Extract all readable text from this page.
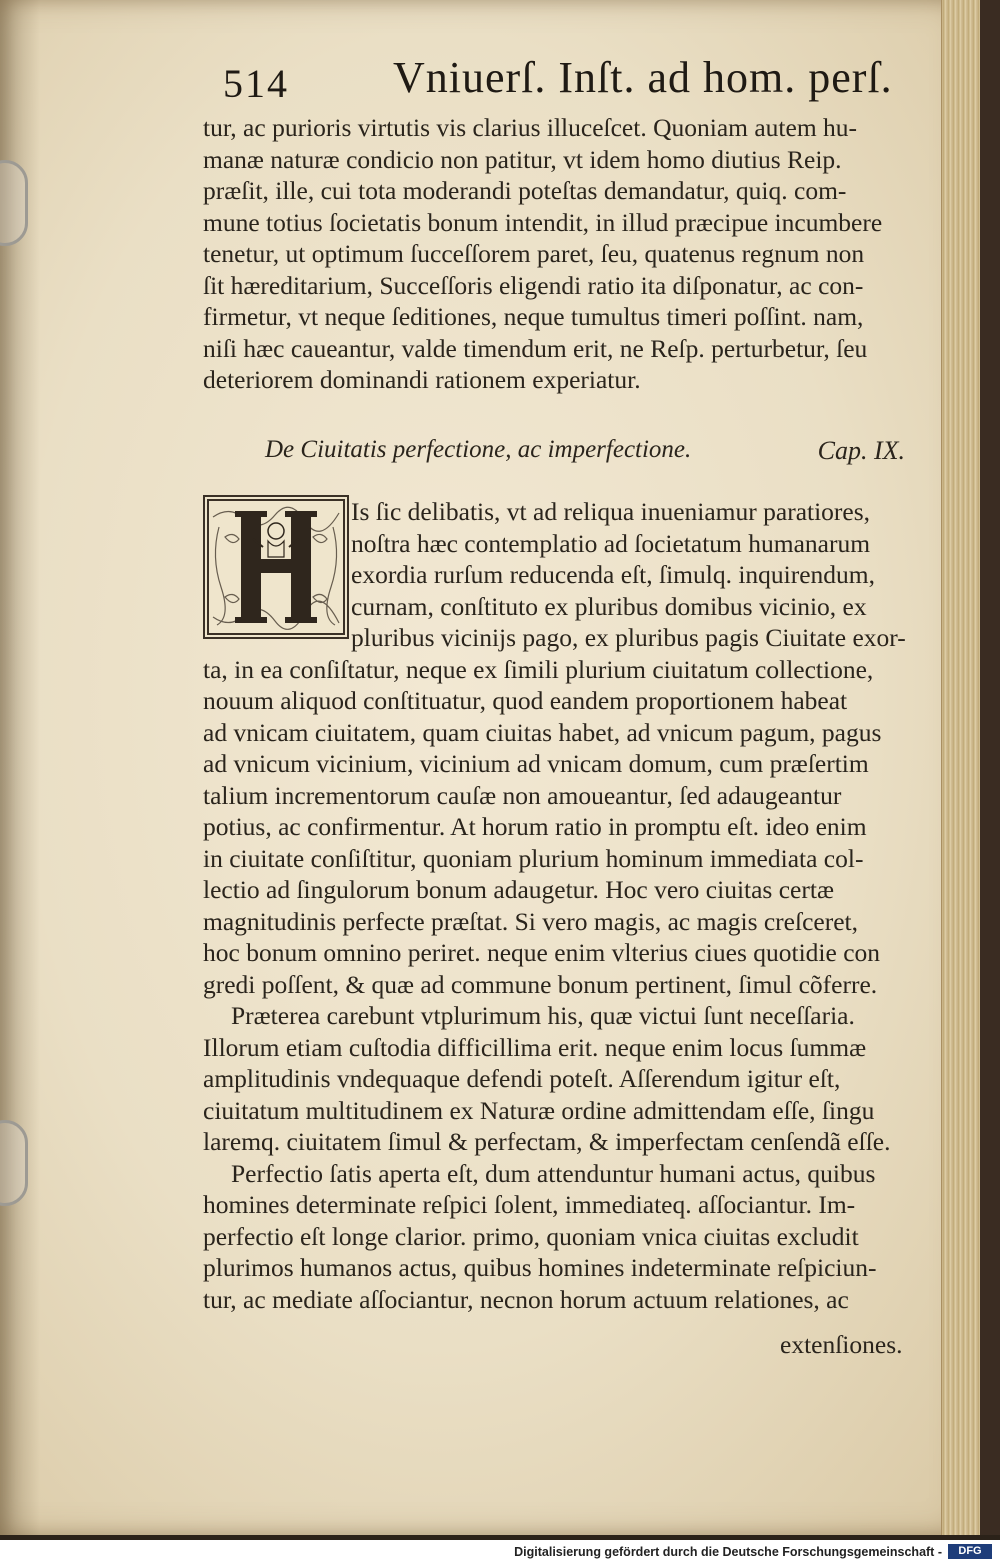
514 Vniuerſ. Inſt. ad hom. perſ.
tur, ac purioris virtutis vis clarius illuceſcet. Quoniam autem hu-
manæ naturæ condicio non patitur, vt idem homo diutius Reip.
præſit, ille, cui tota moderandi poteſtas demandatur, quiq. com-
mune totius ſocietatis bonum intendit, in illud præcipue incumbere
tenetur, ut optimum ſucceſſorem paret, ſeu, quatenus regnum non
ſit hæreditarium, Succeſſoris eligendi ratio ita diſponatur, ac con-
firmetur, vt neque ſeditiones, neque tumultus timeri poſſint. nam,
niſi hæc caueantur, valde timendum erit, ne Reſp. perturbetur, ſeu
deteriorem dominandi rationem experiatur.
De Ciuitatis perfectione, ac imperfectione.	Cap. IX.
Is ſic delibatis, vt ad reliqua inueniamur paratiores,
noſtra hæc contemplatio ad ſocietatum humanarum
exordia rurſum reducenda eſt, ſimulq. inquirendum,
curnam, conſtituto ex pluribus domibus vicinio, ex
pluribus vicinijs pago, ex pluribus pagis Ciuitate exor-
ta, in ea conſiſtatur, neque ex ſimili plurium ciuitatum collectione,
nouum aliquod conſtituatur, quod eandem proportionem habeat
ad vnicam ciuitatem, quam ciuitas habet, ad vnicum pagum, pagus
ad vnicum vicinium, vicinium ad vnicam domum, cum præſertim
talium incrementorum cauſæ non amoueantur, ſed adaugeantur
potius, ac confirmentur. At horum ratio in promptu eſt. ideo enim
in ciuitate conſiſtitur, quoniam plurium hominum immediata col-
lectio ad ſingulorum bonum adaugetur. Hoc vero ciuitas certæ
magnitudinis perfecte præſtat. Si vero magis, ac magis creſceret,
hoc bonum omnino periret. neque enim vlterius ciues quotidie con
gredi poſſent, & quæ ad commune bonum pertinent, ſimul cõferre.
Præterea carebunt vtplurimum his, quæ victui ſunt neceſſaria.
Illorum etiam cuſtodia difficillima erit. neque enim locus ſummæ
amplitudinis vndequaque defendi poteſt. Aſſerendum igitur eſt,
ciuitatum multitudinem ex Naturæ ordine admittendam eſſe, ſingu
laremq. ciuitatem ſimul & perfectam, & imperfectam cenſendã eſſe.
Perfectio ſatis aperta eſt, dum attenduntur humani actus, quibus
homines determinate reſpici ſolent, immediateq. aſſociantur. Im-
perfectio eſt longe clarior. primo, quoniam vnica ciuitas excludit
plurimos humanos actus, quibus homines indeterminate reſpiciun-
tur, ac mediate aſſociantur, necnon horum actuum relationes, ac
extenſiones.
Digitalisierung gefördert durch die Deutsche Forschungsgemeinschaft -	DFG
